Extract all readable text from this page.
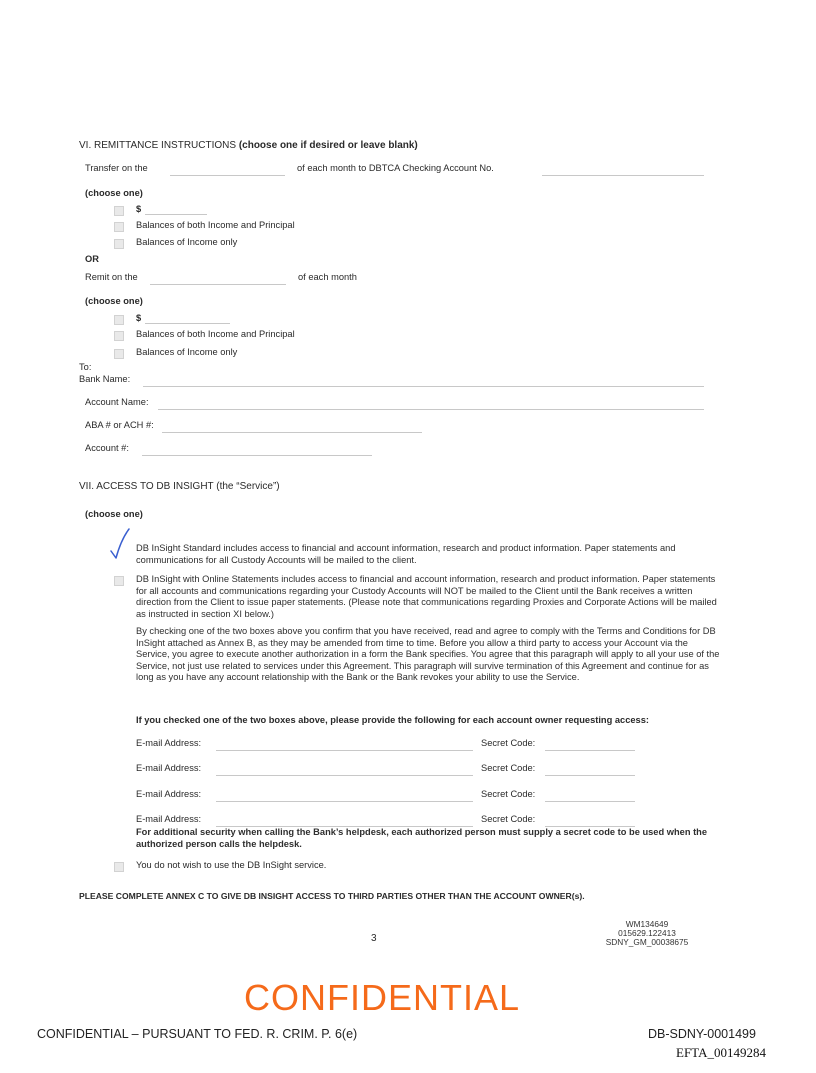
VI. REMITTANCE INSTRUCTIONS (choose one if desired or leave blank)
Transfer on the	of each month to DBTCA Checking Account No.
(choose one)
$
Balances of both Income and Principal
Balances of Income only
OR
Remit on the	of each month
(choose one)
$
Balances of both Income and Principal
Balances of Income only
To:
Bank Name:
Account Name:
ABA # or ACH #:
Account #:
VII. ACCESS TO DB INSIGHT (the “Service”)
(choose one)
DB InSight Standard includes access to financial and account information, research and product information. Paper statements and communications for all Custody Accounts will be mailed to the client.
DB InSight with Online Statements includes access to financial and account information, research and product information. Paper statements for all accounts and communications regarding your Custody Accounts will NOT be mailed to the Client until the Bank receives a written direction from the Client to issue paper statements. (Please note that communications regarding Proxies and Corporate Actions will be mailed as instructed in section XI below.)
By checking one of the two boxes above you confirm that you have received, read and agree to comply with the Terms and Conditions for DB InSight attached as Annex B, as they may be amended from time to time. Before you allow a third party to access your Account via the Service, you agree to execute another authorization in a form the Bank specifies. You agree that this paragraph will apply to all your use of the Service, not just use related to services under this Agreement. This paragraph will survive termination of this Agreement and continue for as long as you have any account relationship with the Bank or the Bank revokes your ability to use the Service.
If you checked one of the two boxes above, please provide the following for each account owner requesting access:
E-mail Address:	Secret Code:
E-mail Address:	Secret Code:
E-mail Address:	Secret Code:
E-mail Address:	Secret Code:
For additional security when calling the Bank’s helpdesk, each authorized person must supply a secret code to be used when the authorized person calls the helpdesk.
You do not wish to use the DB InSight service.
PLEASE COMPLETE ANNEX C TO GIVE DB INSIGHT ACCESS TO THIRD PARTIES OTHER THAN THE ACCOUNT OWNER(s).
3
WM134649
015629.122413
SDNY_GM_00038675
CONFIDENTIAL
CONFIDENTIAL – PURSUANT TO FED. R. CRIM. P. 6(e)	DB-SDNY-0001499
EFTA_00149284
